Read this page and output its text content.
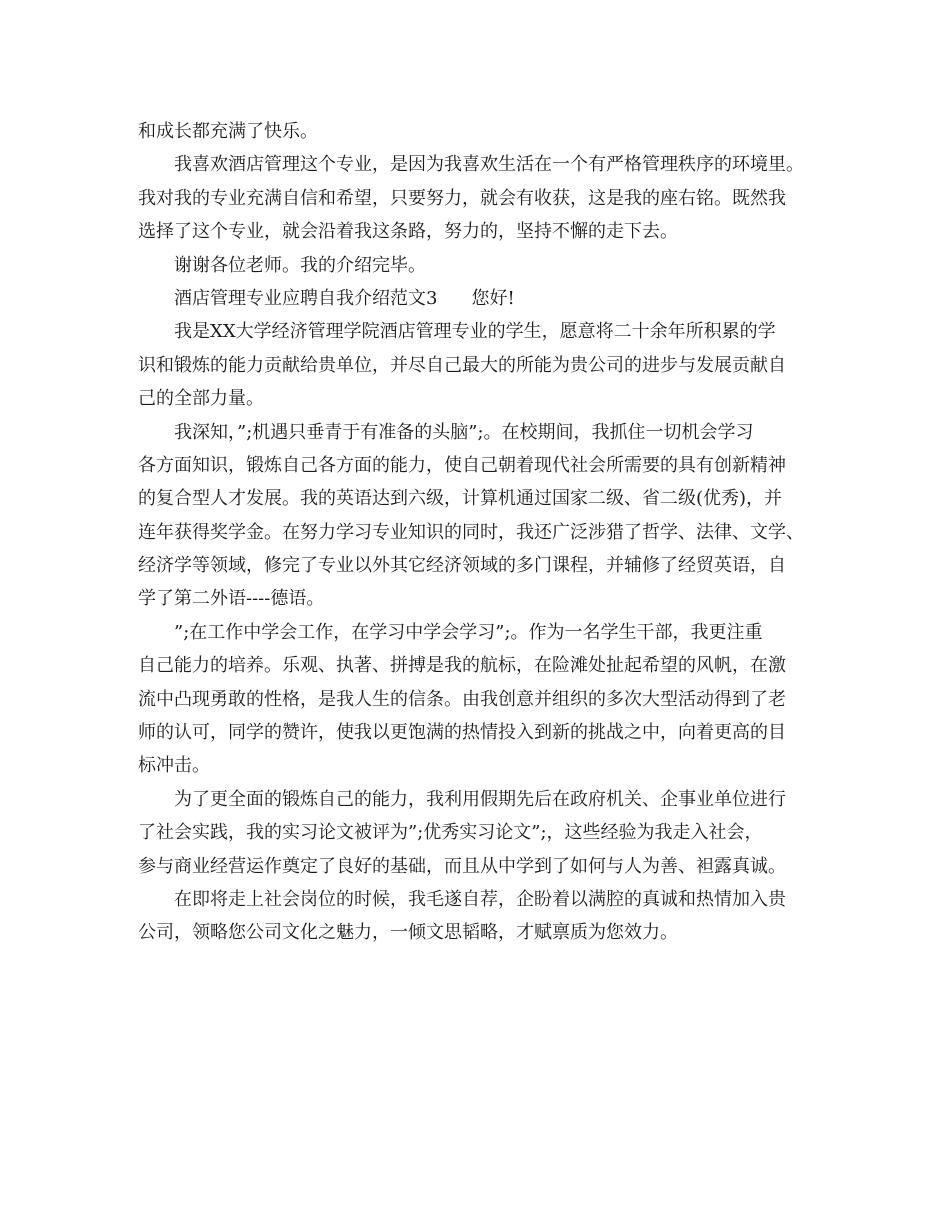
和成长都充满了快乐。
我喜欢酒店管理这个专业，是因为我喜欢生活在一个有严格管理秩序的环境里。
我对我的专业充满自信和希望，只要努力，就会有收获，这是我的座右铭。既然我
选择了这个专业，就会沿着我这条路，努力的，坚持不懈的走下去。
谢谢各位老师。我的介绍完毕。
酒店管理专业应聘自我介绍范文3 您好!
我是XX大学经济管理学院酒店管理专业的学生，愿意将二十余年所积累的学
识和锻炼的能力贡献给贵单位，并尽自己最大的所能为贵公司的进步与发展贡献自
己的全部力量。
我深知，”;机遇只垂青于有准备的头脑”;。在校期间，我抓住一切机会学习
各方面知识，锻炼自己各方面的能力，使自己朝着现代社会所需要的具有创新精神
的复合型人才发展。我的英语达到六级，计算机通过国家二级、省二级(优秀)，并
连年获得奖学金。在努力学习专业知识的同时，我还广泛涉猎了哲学、法律、文学、
经济学等领域，修完了专业以外其它经济领域的多门课程，并辅修了经贸英语，自
学了第二外语----德语。
”;在工作中学会工作，在学习中学会学习”;。作为一名学生干部，我更注重
自己能力的培养。乐观、执著、拼搏是我的航标，在险滩处扯起希望的风帆，在激
流中凸现勇敢的性格，是我人生的信条。由我创意并组织的多次大型活动得到了老
师的认可，同学的赞许，使我以更饱满的热情投入到新的挑战之中，向着更高的目
标冲击。
为了更全面的锻炼自己的能力，我利用假期先后在政府机关、企事业单位进行
了社会实践，我的实习论文被评为”;优秀实习论文”;，这些经验为我走入社会，
参与商业经营运作奠定了良好的基础，而且从中学到了如何与人为善、袒露真诚。
在即将走上社会岗位的时候，我毛遂自荐，企盼着以满腔的真诚和热情加入贵
公司，领略您公司文化之魅力，一倾文思韬略，才赋禀质为您效力。
